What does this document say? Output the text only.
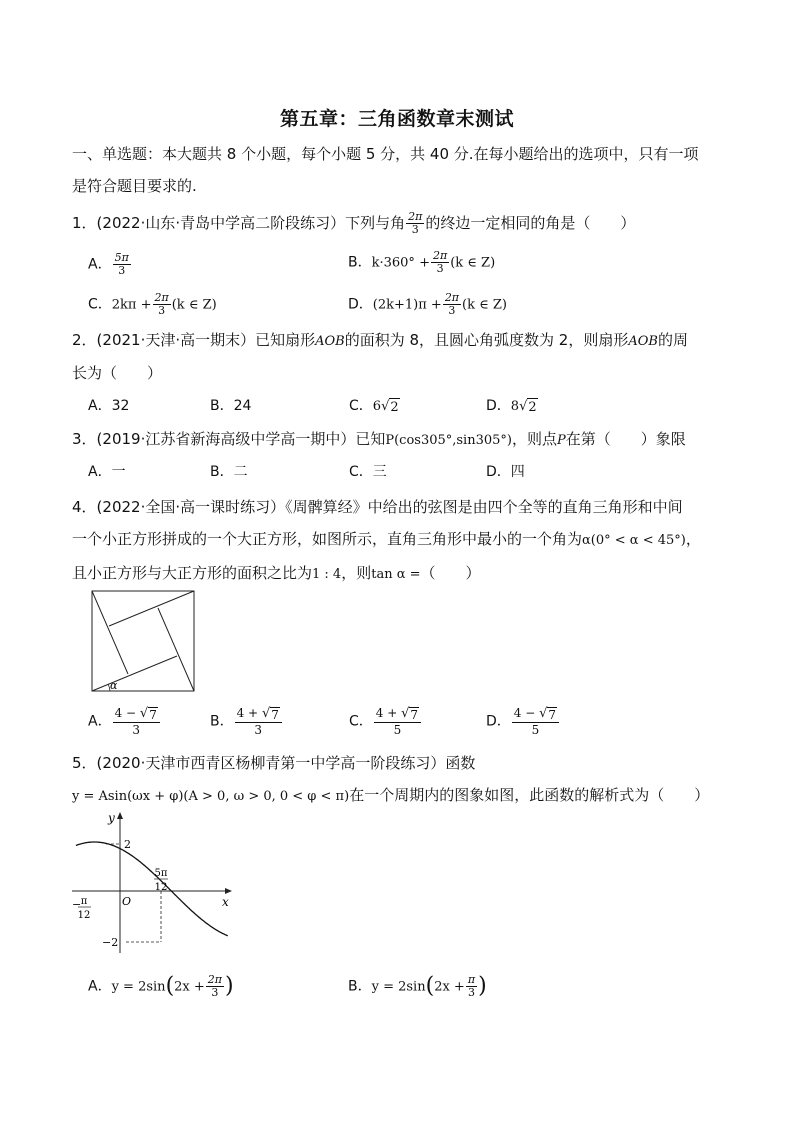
第五章：三角函数章末测试
一、单选题：本大题共 8 个小题，每个小题 5 分，共 40 分.在每小题给出的选项中，只有一项
是符合题目要求的.
1．(2022·山东·青岛中学高二阶段练习）下列与角 $\frac{2\pi}{3}$ 的终边一定相同的角是（　　）
A． $\frac{5\pi}{3}$	B．$k\cdot 360^\circ + \frac{2\pi}{3} (k$ ∈ Z)
C．$2k\pi + \frac{2\pi}{3} (k$ ∈ Z)	D．$(2k+1)\pi + \frac{2\pi}{3} (k$ ∈ Z)
2．(2021·天津·高一期末）已知扇形AOB的面积为 8，且圆心角弧度数为 2，则扇形AOB的周
长为（　　）
A．32	B．24	C．6 √ 2	D．8 √ 2
3．(2019·江苏省新海高级中学高一期中）已知P(cos305°,sin305°)，则点P在第（　　）象限
A．一	B．二	C．三	D．四
4．(2022·全国·高一课时练习）《周髀算经》中给出的弦图是由四个全等的直角三角形和中间
一个小正方形拼成的一个大正方形，如图所示，直角三角形中最小的一个角为α(0° < α < 45°)，
且小正方形与大正方形的面积之比为1 : 4，则tan α =（　　）
α
A． $\frac{4 - √ 7}{3}$	B． $\frac{4 + √ 7}{3}$	C． $\frac{4 + √ 7}{5}$	D． $\frac{4 - √ 7}{5}$
5．(2020·天津市西青区杨柳青第一中学高一阶段练习）函数
y = Asin(ωx + φ)(A > 0, ω > 0, 0 < φ < π)在一个周期内的图象如图，此函数的解析式为（　　）
y
x
O
2
−2
− π
12
5π
12
A．$y = 2\sin(2x + \frac{2\pi}{3}$ )	B．$y = 2\sin(2x + \frac{\pi}{3}$ )
